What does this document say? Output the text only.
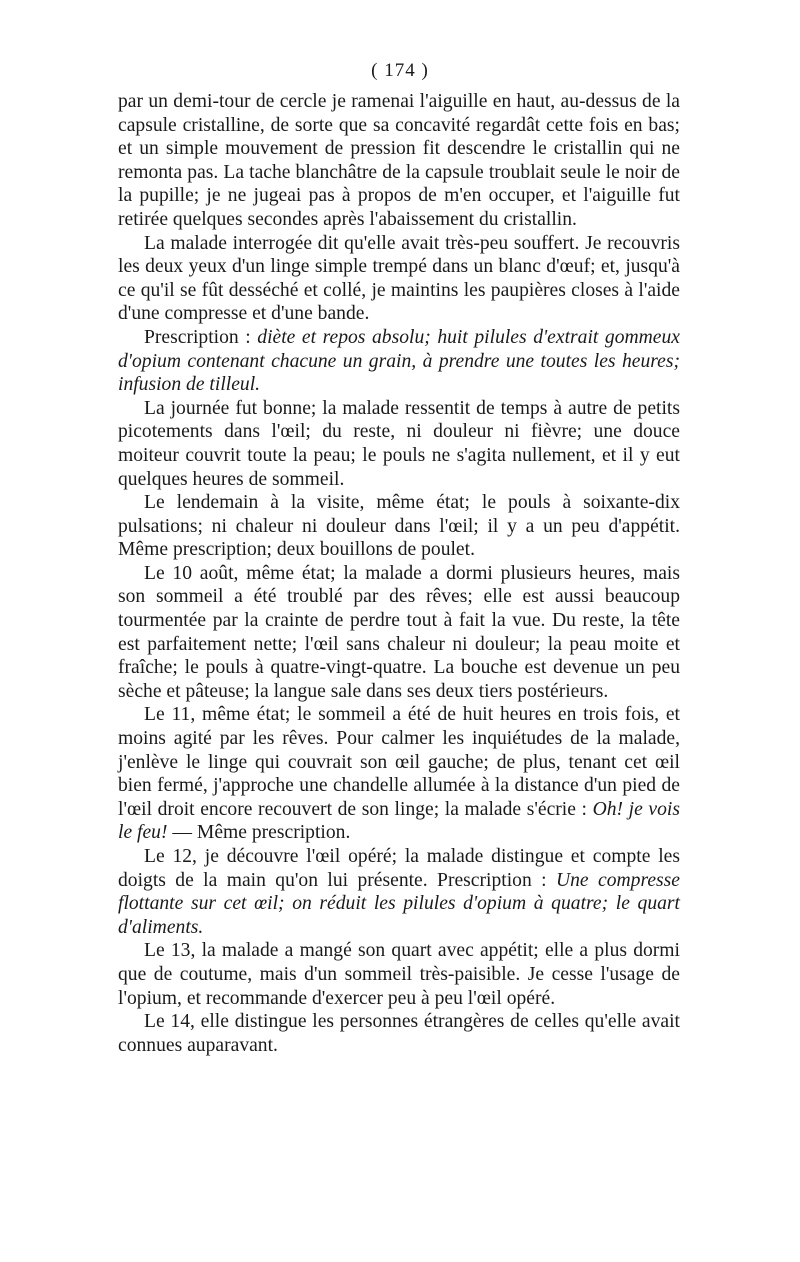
( 174 )

par un demi-tour de cercle je ramenai l'aiguille en haut, au-dessus de la capsule cristalline, de sorte que sa concavité regardât cette fois en bas; et un simple mouvement de pression fit descendre le cristallin qui ne remonta pas. La tache blanchâtre de la capsule troublait seule le noir de la pupille; je ne jugeai pas à propos de m'en occuper, et l'aiguille fut retirée quelques secondes après l'abaissement du cristallin.

La malade interrogée dit qu'elle avait très-peu souffert. Je recouvris les deux yeux d'un linge simple trempé dans un blanc d'œuf; et, jusqu'à ce qu'il se fût desséché et collé, je maintins les paupières closes à l'aide d'une compresse et d'une bande.

Prescription : diète et repos absolu; huit pilules d'extrait gommeux d'opium contenant chacune un grain, à prendre une toutes les heures; infusion de tilleul.

La journée fut bonne; la malade ressentit de temps à autre de petits picotements dans l'œil; du reste, ni douleur ni fièvre; une douce moiteur couvrit toute la peau; le pouls ne s'agita nullement, et il y eut quelques heures de sommeil.

Le lendemain à la visite, même état; le pouls à soixante-dix pulsations; ni chaleur ni douleur dans l'œil; il y a un peu d'appétit. Même prescription; deux bouillons de poulet.

Le 10 août, même état; la malade a dormi plusieurs heures, mais son sommeil a été troublé par des rêves; elle est aussi beaucoup tourmentée par la crainte de perdre tout à fait la vue. Du reste, la tête est parfaitement nette; l'œil sans chaleur ni douleur; la peau moite et fraîche; le pouls à quatre-vingt-quatre. La bouche est devenue un peu sèche et pâteuse; la langue sale dans ses deux tiers postérieurs.

Le 11, même état; le sommeil a été de huit heures en trois fois, et moins agité par les rêves. Pour calmer les inquiétudes de la malade, j'enlève le linge qui couvrait son œil gauche; de plus, tenant cet œil bien fermé, j'approche une chandelle allumée à la distance d'un pied de l'œil droit encore recouvert de son linge; la malade s'écrie : Oh! je vois le feu! — Même prescription.

Le 12, je découvre l'œil opéré; la malade distingue et compte les doigts de la main qu'on lui présente. Prescription : Une compresse flottante sur cet œil; on réduit les pilules d'opium à quatre; le quart d'aliments.

Le 13, la malade a mangé son quart avec appétit; elle a plus dormi que de coutume, mais d'un sommeil très-paisible. Je cesse l'usage de l'opium, et recommande d'exercer peu à peu l'œil opéré.

Le 14, elle distingue les personnes étrangères de celles qu'elle avait connues auparavant.
